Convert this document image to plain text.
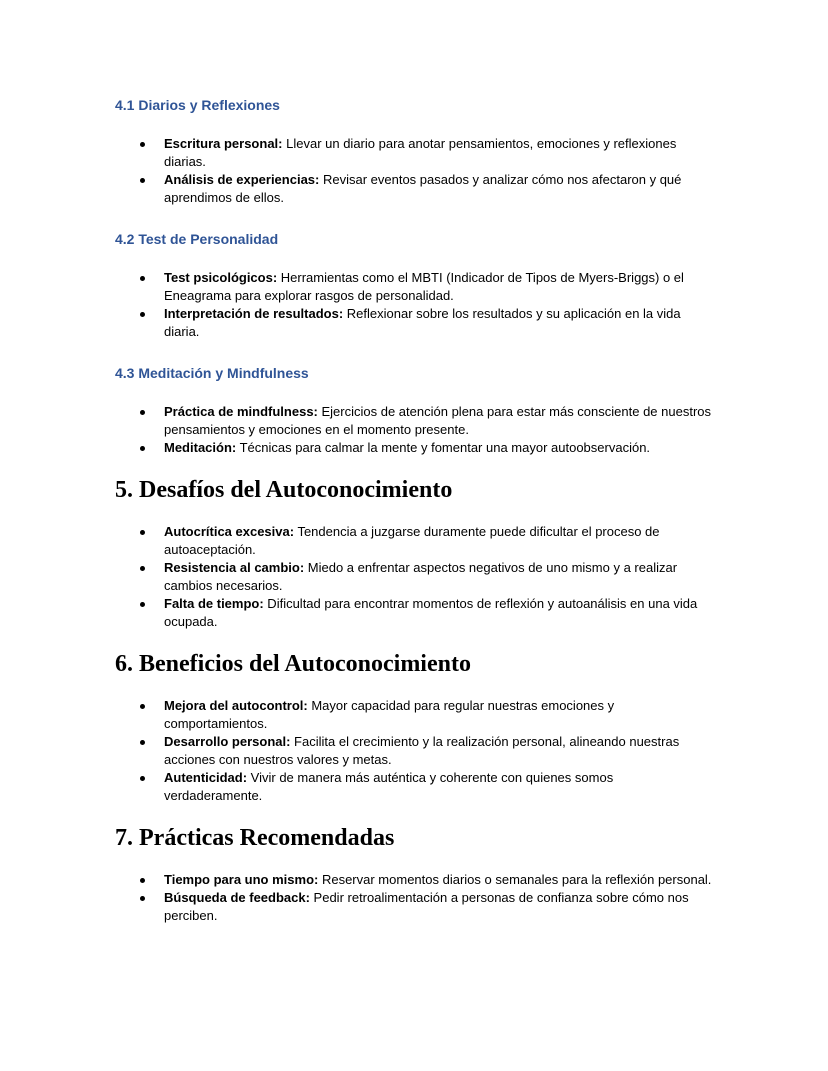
4.1 Diarios y Reflexiones
Escritura personal: Llevar un diario para anotar pensamientos, emociones y reflexiones diarias.
Análisis de experiencias: Revisar eventos pasados y analizar cómo nos afectaron y qué aprendimos de ellos.
4.2 Test de Personalidad
Test psicológicos: Herramientas como el MBTI (Indicador de Tipos de Myers-Briggs) o el Eneagrama para explorar rasgos de personalidad.
Interpretación de resultados: Reflexionar sobre los resultados y su aplicación en la vida diaria.
4.3 Meditación y Mindfulness
Práctica de mindfulness: Ejercicios de atención plena para estar más consciente de nuestros pensamientos y emociones en el momento presente.
Meditación: Técnicas para calmar la mente y fomentar una mayor autoobservación.
5. Desafíos del Autoconocimiento
Autocrítica excesiva: Tendencia a juzgarse duramente puede dificultar el proceso de autoaceptación.
Resistencia al cambio: Miedo a enfrentar aspectos negativos de uno mismo y a realizar cambios necesarios.
Falta de tiempo: Dificultad para encontrar momentos de reflexión y autoanálisis en una vida ocupada.
6. Beneficios del Autoconocimiento
Mejora del autocontrol: Mayor capacidad para regular nuestras emociones y comportamientos.
Desarrollo personal: Facilita el crecimiento y la realización personal, alineando nuestras acciones con nuestros valores y metas.
Autenticidad: Vivir de manera más auténtica y coherente con quienes somos verdaderamente.
7. Prácticas Recomendadas
Tiempo para uno mismo: Reservar momentos diarios o semanales para la reflexión personal.
Búsqueda de feedback: Pedir retroalimentación a personas de confianza sobre cómo nos perciben.
